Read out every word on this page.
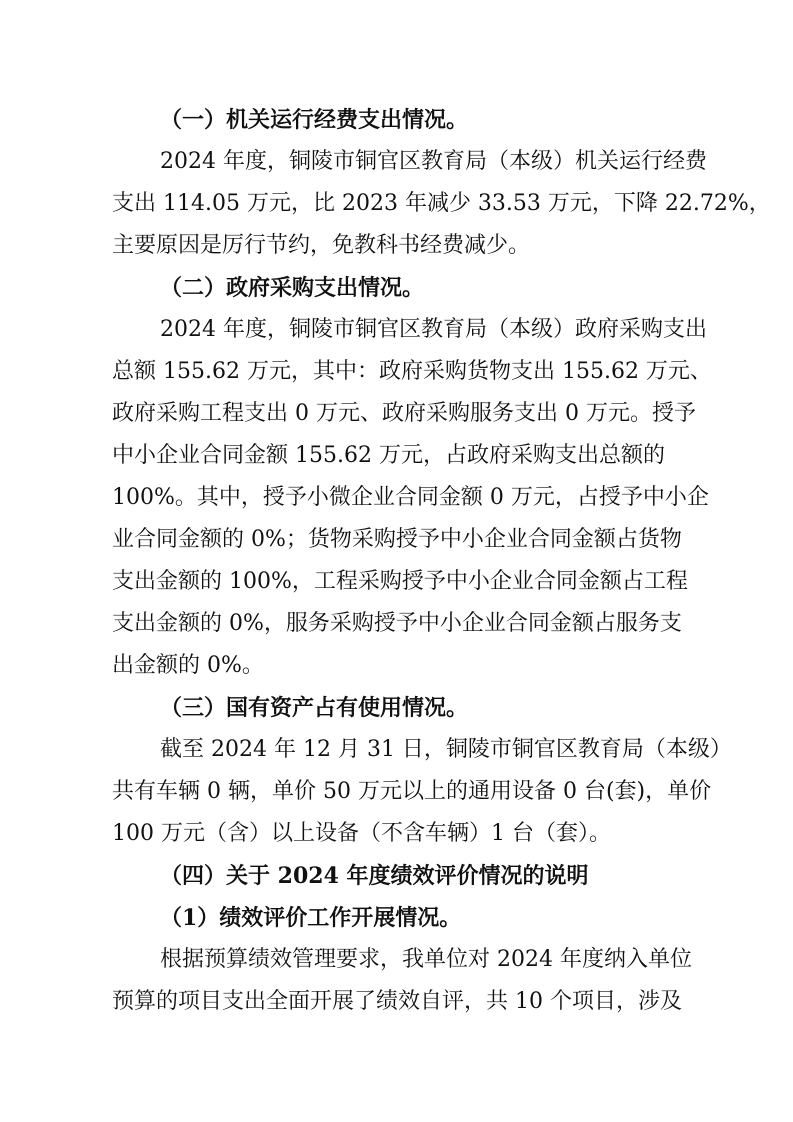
（一）机关运行经费支出情况。
2024 年度，铜陵市铜官区教育局（本级）机关运行经费
支出 114.05 万元，比 2023 年减少 33.53 万元，下降 22.72%，
主要原因是厉行节约，免教科书经费减少。
（二）政府采购支出情况。
2024 年度，铜陵市铜官区教育局（本级）政府采购支出
总额 155.62 万元，其中：政府采购货物支出 155.62 万元、
政府采购工程支出 0 万元、政府采购服务支出 0 万元。授予
中小企业合同金额 155.62 万元，占政府采购支出总额的
100%。其中，授予小微企业合同金额 0 万元，占授予中小企
业合同金额的 0%；货物采购授予中小企业合同金额占货物
支出金额的 100%，工程采购授予中小企业合同金额占工程
支出金额的 0%，服务采购授予中小企业合同金额占服务支
出金额的 0%。
（三）国有资产占有使用情况。
截至 2024 年 12 月 31 日，铜陵市铜官区教育局（本级）
共有车辆 0 辆，单价 50 万元以上的通用设备 0 台(套)，单价
100 万元（含）以上设备（不含车辆）1 台（套）。
（四）关于 2024 年度绩效评价情况的说明
（1）绩效评价工作开展情况。
根据预算绩效管理要求，我单位对 2024 年度纳入单位
预算的项目支出全面开展了绩效自评，共 10 个项目，涉及
